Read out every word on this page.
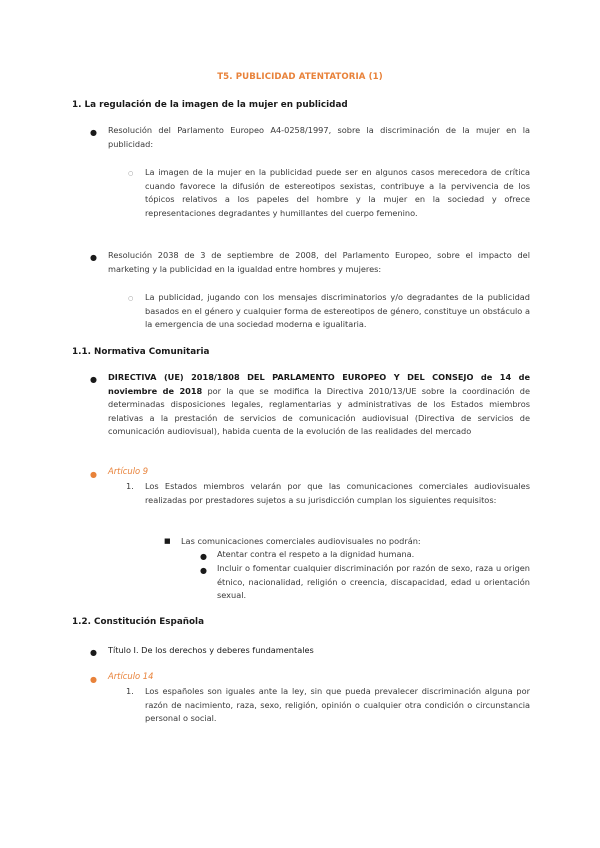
T5. PUBLICIDAD ATENTATORIA (1)
1. La regulación de la imagen de la mujer en publicidad
● Resolución del Parlamento Europeo A4-0258/1997, sobre la discriminación de la mujer en la publicidad:
○ La imagen de la mujer en la publicidad puede ser en algunos casos merecedora de crítica cuando favorece la difusión de estereotipos sexistas, contribuye a la pervivencia de los tópicos relativos a los papeles del hombre y la mujer en la sociedad y ofrece representaciones degradantes y humillantes del cuerpo femenino.
● Resolución 2038 de 3 de septiembre de 2008, del Parlamento Europeo, sobre el impacto del marketing y la publicidad en la igualdad entre hombres y mujeres:
○ La publicidad, jugando con los mensajes discriminatorios y/o degradantes de la publicidad basados en el género y cualquier forma de estereotipos de género, constituye un obstáculo a la emergencia de una sociedad moderna e igualitaria.
1.1. Normativa Comunitaria
● DIRECTIVA (UE) 2018/1808 DEL PARLAMENTO EUROPEO Y DEL CONSEJO de 14 de noviembre de 2018 por la que se modifica la Directiva 2010/13/UE sobre la coordinación de determinadas disposiciones legales, reglamentarias y administrativas de los Estados miembros relativas a la prestación de servicios de comunicación audiovisual (Directiva de servicios de comunicación audiovisual), habida cuenta de la evolución de las realidades del mercado
● Artículo 9
1. Los Estados miembros velarán por que las comunicaciones comerciales audiovisuales realizadas por prestadores sujetos a su jurisdicción cumplan los siguientes requisitos:
■ Las comunicaciones comerciales audiovisuales no podrán:
● Atentar contra el respeto a la dignidad humana.
● Incluir o fomentar cualquier discriminación por razón de sexo, raza u origen étnico, nacionalidad, religión o creencia, discapacidad, edad u orientación sexual.
1.2. Constitución Española
● Título I. De los derechos y deberes fundamentales
● Artículo 14
1. Los españoles son iguales ante la ley, sin que pueda prevalecer discriminación alguna por razón de nacimiento, raza, sexo, religión, opinión o cualquier otra condición o circunstancia personal o social.
